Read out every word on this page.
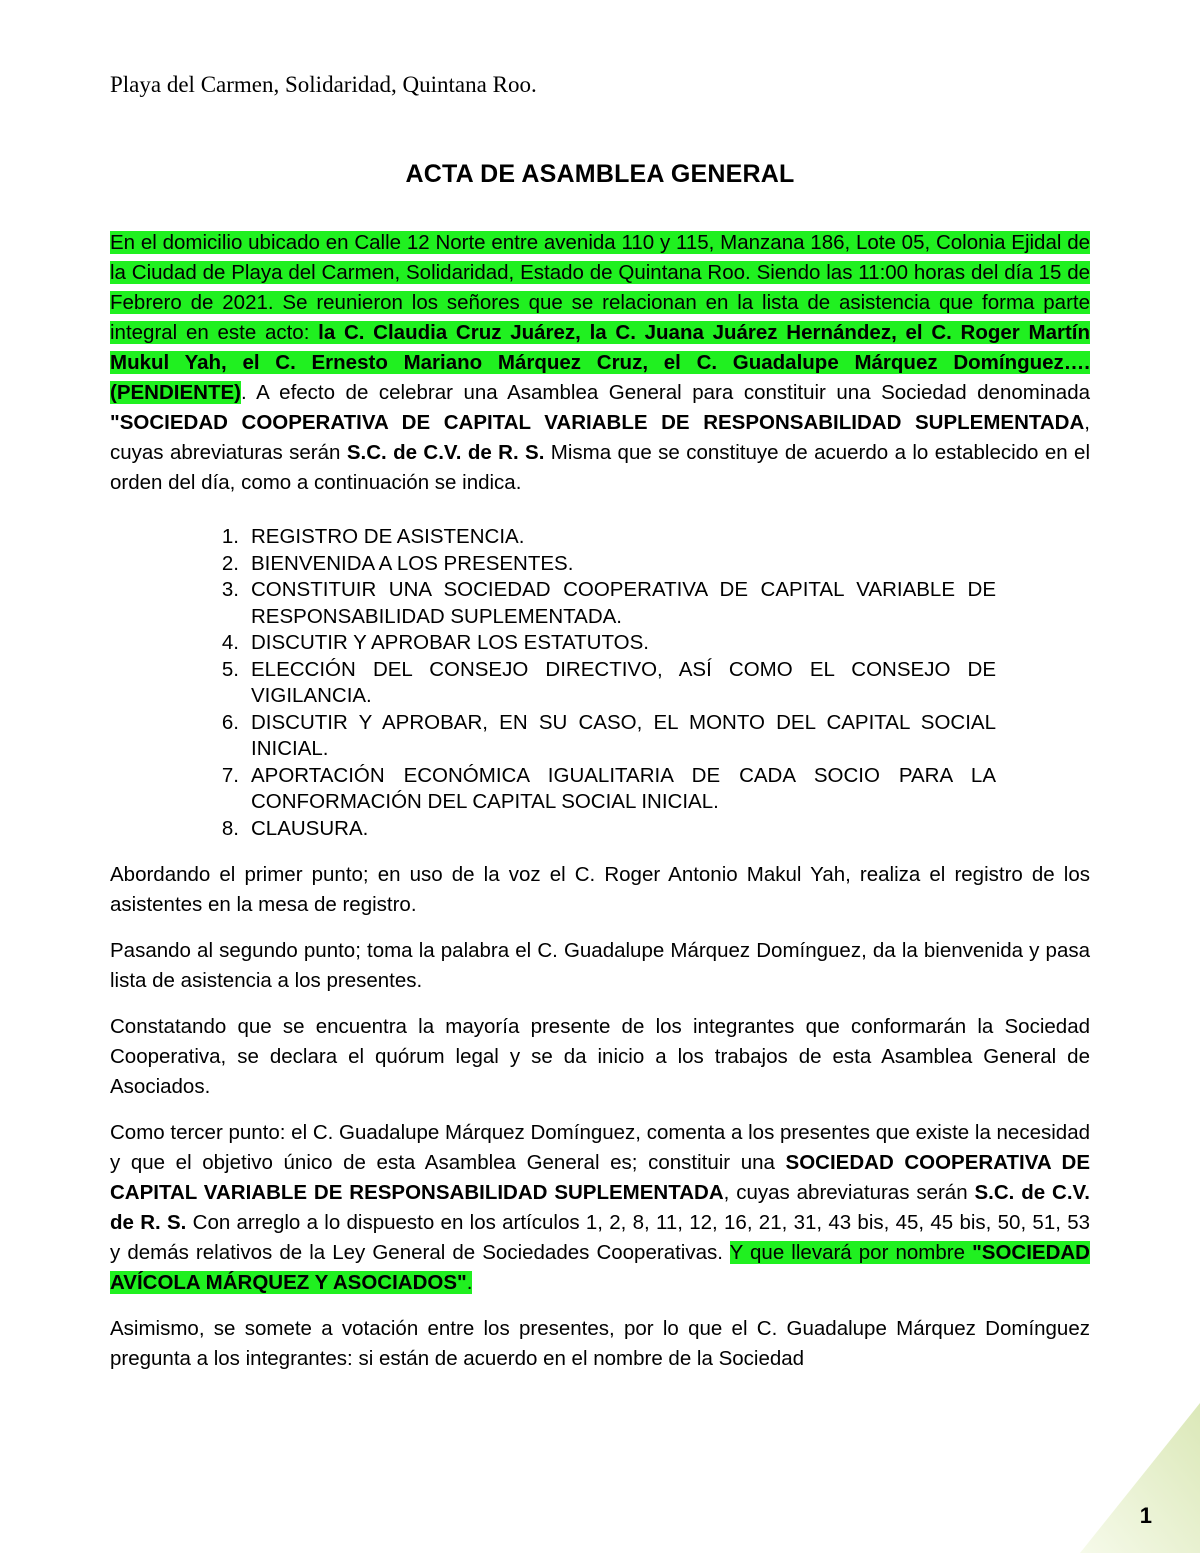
Playa del Carmen, Solidaridad, Quintana Roo.
ACTA DE ASAMBLEA GENERAL

En el domicilio ubicado en Calle 12 Norte entre avenida 110 y 115, Manzana 186, Lote 05, Colonia Ejidal de la Ciudad de Playa del Carmen, Solidaridad, Estado de Quintana Roo. Siendo las 11:00 horas del día 15 de Febrero de 2021. Se reunieron los señores que se relacionan en la lista de asistencia que forma parte integral en este acto: la C. Claudia Cruz Juárez, la C. Juana Juárez Hernández, el C. Roger Martín Mukul Yah, el C. Ernesto Mariano Márquez Cruz, el C. Guadalupe Márquez Domínguez…. (PENDIENTE). A efecto de celebrar una Asamblea General para constituir una Sociedad denominada "SOCIEDAD COOPERATIVA DE CAPITAL VARIABLE DE RESPONSABILIDAD SUPLEMENTADA, cuyas abreviaturas serán S.C. de C.V. de R. S. Misma que se constituye de acuerdo a lo establecido en el orden del día, como a continuación se indica.

1 . REGISTRO DE ASISTENCIA.
2 . BIENVENIDA A LOS PRESENTES.
3 . CONSTITUIR UNA SOCIEDAD COOPERATIVA DE CAPITAL VARIABLE DE RESPONSABILIDAD SUPLEMENTADA.
4 . DISCUTIR Y APROBAR LOS ESTATUTOS.
5 . ELECCIÓN DEL CONSEJO DIRECTIVO, ASÍ COMO EL CONSEJO DE VIGILANCIA.
6 . DISCUTIR Y APROBAR, EN SU CASO, EL MONTO DEL CAPITAL SOCIAL INICIAL.
7 . APORTACIÓN ECONÓMICA IGUALITARIA DE CADA SOCIO PARA LA CONFORMACIÓN DEL CAPITAL SOCIAL INICIAL.
8 . CLAUSURA.

Abordando el primer punto; en uso de la voz el C. Roger Antonio Makul Yah, realiza el registro de los asistentes en la mesa de registro.

Pasando al segundo punto; toma la palabra el C. Guadalupe Márquez Domínguez, da la bienvenida y pasa lista de asistencia a los presentes.

Constatando que se encuentra la mayoría presente de los integrantes que conformarán la Sociedad Cooperativa, se declara el quórum legal y se da inicio a los trabajos de esta Asamblea General de Asociados.

Como tercer punto: el C. Guadalupe Márquez Domínguez, comenta a los presentes que existe la necesidad y que el objetivo único de esta Asamblea General es; constituir una SOCIEDAD COOPERATIVA DE CAPITAL VARIABLE DE RESPONSABILIDAD SUPLEMENTADA, cuyas abreviaturas serán S.C. de C.V. de R. S. Con arreglo a lo dispuesto en los artículos 1, 2, 8, 11, 12, 16, 21, 31, 43 bis, 45, 45 bis, 50, 51, 53 y demás relativos de la Ley General de Sociedades Cooperativas. Y que llevará por nombre "SOCIEDAD AVÍCOLA MÁRQUEZ Y ASOCIADOS".

Asimismo, se somete a votación entre los presentes, por lo que el C. Guadalupe Márquez Domínguez pregunta a los integrantes: si están de acuerdo en el nombre de la Sociedad

1
